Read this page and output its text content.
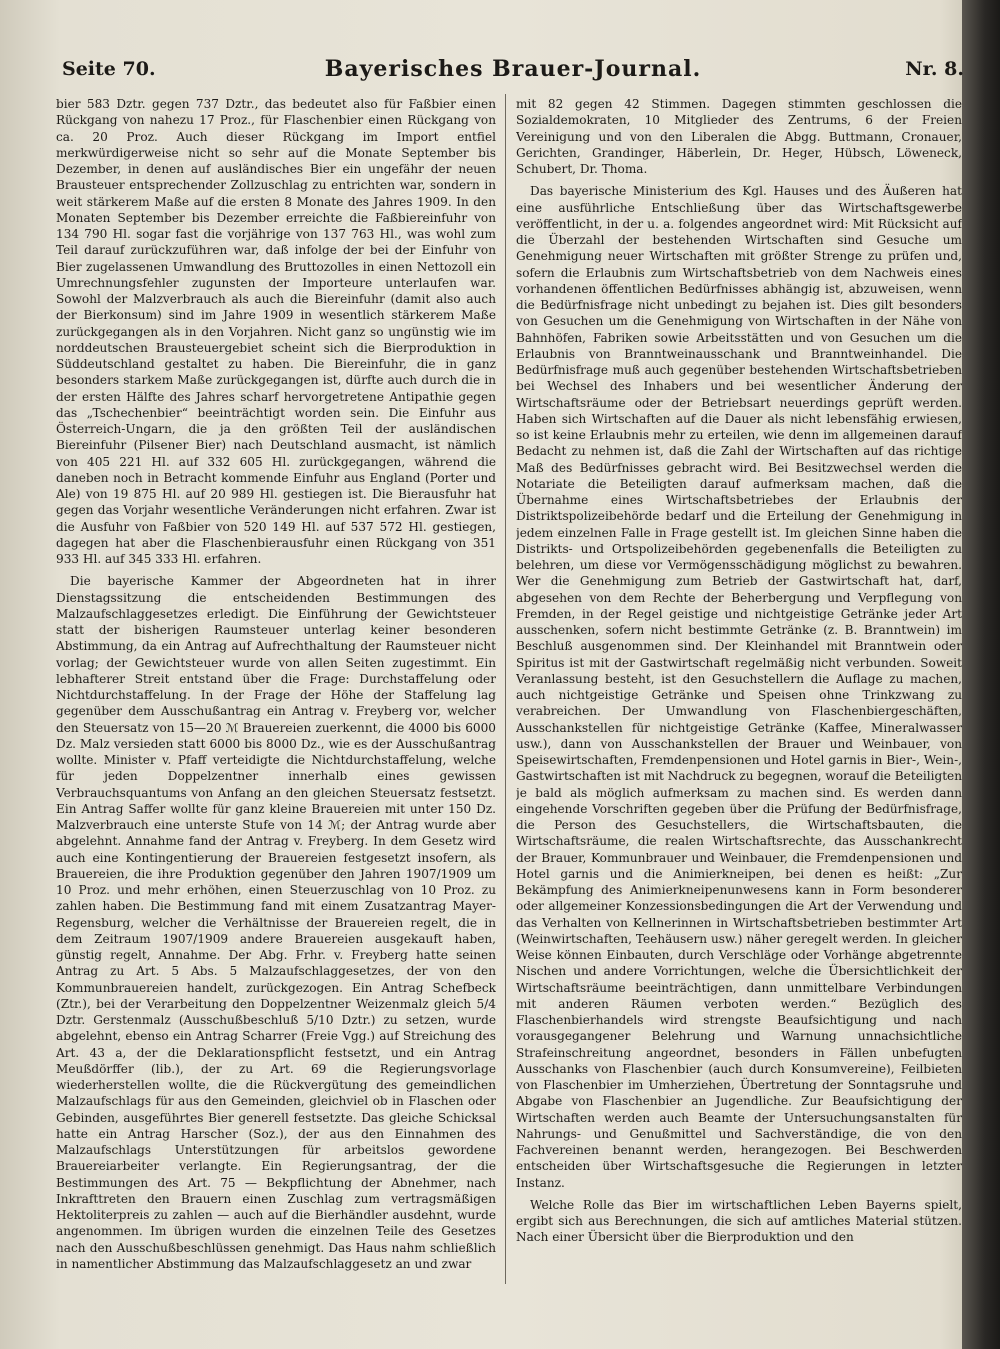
Seite 70.	Bayerisches Brauer-Journal.	Nr. 8.

bier 583 Dztr. gegen 737 Dztr., das bedeutet also für Faßbier einen Rückgang von nahezu 17 Proz., für Flaschenbier einen Rückgang von ca. 20 Proz. Auch dieser Rückgang im Import entfiel merkwürdigerweise nicht so sehr auf die Monate September bis Dezember, in denen auf ausländisches Bier ein ungefähr der neuen Brausteuer entsprechender Zollzuschlag zu entrichten war, sondern in weit stärkerem Maße auf die ersten 8 Monate des Jahres 1909. In den Monaten September bis Dezember erreichte die Faßbiereinfuhr von 134 790 Hl. sogar fast die vorjährige von 137 763 Hl., was wohl zum Teil darauf zurückzuführen war, daß infolge der bei der Einfuhr von Bier zugelassenen Umwandlung des Bruttozolles in einen Nettozoll ein Umrechnungsfehler zugunsten der Importeure unterlaufen war. Sowohl der Malzverbrauch als auch die Biereinfuhr (damit also auch der Bierkonsum) sind im Jahre 1909 in wesentlich stärkerem Maße zurückgegangen als in den Vorjahren. Nicht ganz so ungünstig wie im norddeutschen Brausteuergebiet scheint sich die Bierproduktion in Süddeutschland gestaltet zu haben. Die Biereinfuhr, die in ganz besonders starkem Maße zurückgegangen ist, dürfte auch durch die in der ersten Hälfte des Jahres scharf hervorgetretene Antipathie gegen das „Tschechenbier“ beeinträchtigt worden sein. Die Einfuhr aus Österreich-Ungarn, die ja den größten Teil der ausländischen Biereinfuhr (Pilsener Bier) nach Deutschland ausmacht, ist nämlich von 405 221 Hl. auf 332 605 Hl. zurückgegangen, während die daneben noch in Betracht kommende Einfuhr aus England (Porter und Ale) von 19 875 Hl. auf 20 989 Hl. gestiegen ist. Die Bierausfuhr hat gegen das Vorjahr wesentliche Veränderungen nicht erfahren. Zwar ist die Ausfuhr von Faßbier von 520 149 Hl. auf 537 572 Hl. gestiegen, dagegen hat aber die Flaschenbierausfuhr einen Rückgang von 351 933 Hl. auf 345 333 Hl. erfahren.

Die bayerische Kammer der Abgeordneten hat in ihrer Dienstagssitzung die entscheidenden Bestimmungen des Malzaufschlaggesetzes erledigt. Die Einführung der Gewichtsteuer statt der bisherigen Raumsteuer unterlag keiner besonderen Abstimmung, da ein Antrag auf Aufrechthaltung der Raumsteuer nicht vorlag; der Gewichtsteuer wurde von allen Seiten zugestimmt. Ein lebhafterer Streit entstand über die Frage: Durchstaffelung oder Nichtdurchstaffelung. In der Frage der Höhe der Staffelung lag gegenüber dem Ausschußantrag ein Antrag v. Freyberg vor, welcher den Steuersatz von 15—20 ℳ Brauereien zuerkennt, die 4000 bis 6000 Dz. Malz versieden statt 6000 bis 8000 Dz., wie es der Ausschußantrag wollte. Minister v. Pfaff verteidigte die Nichtdurchstaffelung, welche für jeden Doppelzentner innerhalb eines gewissen Verbrauchsquantums von Anfang an den gleichen Steuersatz festsetzt. Ein Antrag Saffer wollte für ganz kleine Brauereien mit unter 150 Dz. Malzverbrauch eine unterste Stufe von 14 ℳ; der Antrag wurde aber abgelehnt. Annahme fand der Antrag v. Freyberg. In dem Gesetz wird auch eine Kontingentierung der Brauereien festgesetzt insofern, als Brauereien, die ihre Produktion gegenüber den Jahren 1907/1909 um 10 Proz. und mehr erhöhen, einen Steuerzuschlag von 10 Proz. zu zahlen haben. Die Bestimmung fand mit einem Zusatzantrag Mayer-Regensburg, welcher die Verhältnisse der Brauereien regelt, die in dem Zeitraum 1907/1909 andere Brauereien ausgekauft haben, günstig regelt, Annahme. Der Abg. Frhr. v. Freyberg hatte seinen Antrag zu Art. 5 Abs. 5 Malzaufschlaggesetzes, der von den Kommunbrauereien handelt, zurückgezogen. Ein Antrag Schefbeck (Ztr.), bei der Verarbeitung den Doppelzentner Weizenmalz gleich 5/4 Dztr. Gerstenmalz (Ausschußbeschluß 5/10 Dztr.) zu setzen, wurde abgelehnt, ebenso ein Antrag Scharrer (Freie Vgg.) auf Streichung des Art. 43 a, der die Deklarationspflicht festsetzt, und ein Antrag Meußdörffer (lib.), der zu Art. 69 die Regierungsvorlage wiederherstellen wollte, die die Rückvergütung des gemeindlichen Malzaufschlags für aus den Gemeinden, gleichviel ob in Flaschen oder Gebinden, ausgeführtes Bier generell festsetzte. Das gleiche Schicksal hatte ein Antrag Harscher (Soz.), der aus den Einnahmen des Malzaufschlags Unterstützungen für arbeitslos gewordene Brauereiarbeiter verlangte. Ein Regierungsantrag, der die Bestimmungen des Art. 75 — Bekpflichtung der Abnehmer, nach Inkrafttreten den Brauern einen Zuschlag zum vertragsmäßigen Hektoliterpreis zu zahlen — auch auf die Bierhändler ausdehnt, wurde angenommen. Im übrigen wurden die einzelnen Teile des Gesetzes nach den Ausschußbeschlüssen genehmigt. Das Haus nahm schließlich in namentlicher Abstimmung das Malzaufschlaggesetz an und zwar

mit 82 gegen 42 Stimmen. Dagegen stimmten geschlossen die Sozialdemokraten, 10 Mitglieder des Zentrums, 6 der Freien Vereinigung und von den Liberalen die Abgg. Buttmann, Cronauer, Gerichten, Grandinger, Häberlein, Dr. Heger, Hübsch, Löweneck, Schubert, Dr. Thoma.

Das bayerische Ministerium des Kgl. Hauses und des Äußeren hat eine ausführliche Entschließung über das Wirtschaftsgewerbe veröffentlicht, in der u. a. folgendes angeordnet wird: Mit Rücksicht auf die Überzahl der bestehenden Wirtschaften sind Gesuche um Genehmigung neuer Wirtschaften mit größter Strenge zu prüfen und, sofern die Erlaubnis zum Wirtschaftsbetrieb von dem Nachweis eines vorhandenen öffentlichen Bedürfnisses abhängig ist, abzuweisen, wenn die Bedürfnisfrage nicht unbedingt zu bejahen ist. Dies gilt besonders von Gesuchen um die Genehmigung von Wirtschaften in der Nähe von Bahnhöfen, Fabriken sowie Arbeitsstätten und von Gesuchen um die Erlaubnis von Branntweinausschank und Branntweinhandel. Die Bedürfnisfrage muß auch gegenüber bestehenden Wirtschaftsbetrieben bei Wechsel des Inhabers und bei wesentlicher Änderung der Wirtschaftsräume oder der Betriebsart neuerdings geprüft werden. Haben sich Wirtschaften auf die Dauer als nicht lebensfähig erwiesen, so ist keine Erlaubnis mehr zu erteilen, wie denn im allgemeinen darauf Bedacht zu nehmen ist, daß die Zahl der Wirtschaften auf das richtige Maß des Bedürfnisses gebracht wird. Bei Besitzwechsel werden die Notariate die Beteiligten darauf aufmerksam machen, daß die Übernahme eines Wirtschaftsbetriebes der Erlaubnis der Distriktspolizeibehörde bedarf und die Erteilung der Genehmigung in jedem einzelnen Falle in Frage gestellt ist. Im gleichen Sinne haben die Distrikts- und Ortspolizeibehörden gegebenenfalls die Beteiligten zu belehren, um diese vor Vermögensschädigung möglichst zu bewahren. Wer die Genehmigung zum Betrieb der Gastwirtschaft hat, darf, abgesehen von dem Rechte der Beherbergung und Verpflegung von Fremden, in der Regel geistige und nichtgeistige Getränke jeder Art ausschenken, sofern nicht bestimmte Getränke (z. B. Branntwein) im Beschluß ausgenommen sind. Der Kleinhandel mit Branntwein oder Spiritus ist mit der Gastwirtschaft regelmäßig nicht verbunden. Soweit Veranlassung besteht, ist den Gesuchstellern die Auflage zu machen, auch nichtgeistige Getränke und Speisen ohne Trinkzwang zu verabreichen. Der Umwandlung von Flaschenbiergeschäften, Ausschankstellen für nichtgeistige Getränke (Kaffee, Mineralwasser usw.), dann von Ausschankstellen der Brauer und Weinbauer, von Speisewirtschaften, Fremdenpensionen und Hotel garnis in Bier-, Wein-, Gastwirtschaften ist mit Nachdruck zu begegnen, worauf die Beteiligten je bald als möglich aufmerksam zu machen sind. Es werden dann eingehende Vorschriften gegeben über die Prüfung der Bedürfnisfrage, die Person des Gesuchstellers, die Wirtschaftsbauten, die Wirtschaftsräume, die realen Wirtschaftsrechte, das Ausschankrecht der Brauer, Kommunbrauer und Weinbauer, die Fremdenpensionen und Hotel garnis und die Animierkneipen, bei denen es heißt: „Zur Bekämpfung des Animierkneipenunwesens kann in Form besonderer oder allgemeiner Konzessionsbedingungen die Art der Verwendung und das Verhalten von Kellnerinnen in Wirtschaftsbetrieben bestimmter Art (Weinwirtschaften, Teehäusern usw.) näher geregelt werden. In gleicher Weise können Einbauten, durch Verschläge oder Vorhänge abgetrennte Nischen und andere Vorrichtungen, welche die Übersichtlichkeit der Wirtschaftsräume beeinträchtigen, dann unmittelbare Verbindungen mit anderen Räumen verboten werden.“ Bezüglich des Flaschenbierhandels wird strengste Beaufsichtigung und nach vorausgegangener Belehrung und Warnung unnachsichtliche Strafeinschreitung angeordnet, besonders in Fällen unbefugten Ausschanks von Flaschenbier (auch durch Konsumvereine), Feilbieten von Flaschenbier im Umherziehen, Übertretung der Sonntagsruhe und Abgabe von Flaschenbier an Jugendliche. Zur Beaufsichtigung der Wirtschaften werden auch Beamte der Untersuchungsanstalten für Nahrungs- und Genußmittel und Sachverständige, die von den Fachvereinen benannt werden, herangezogen. Bei Beschwerden entscheiden über Wirtschaftsgesuche die Regierungen in letzter Instanz.

Welche Rolle das Bier im wirtschaftlichen Leben Bayerns spielt, ergibt sich aus Berechnungen, die sich auf amtliches Material stützen. Nach einer Übersicht über die Bierproduktion und den
